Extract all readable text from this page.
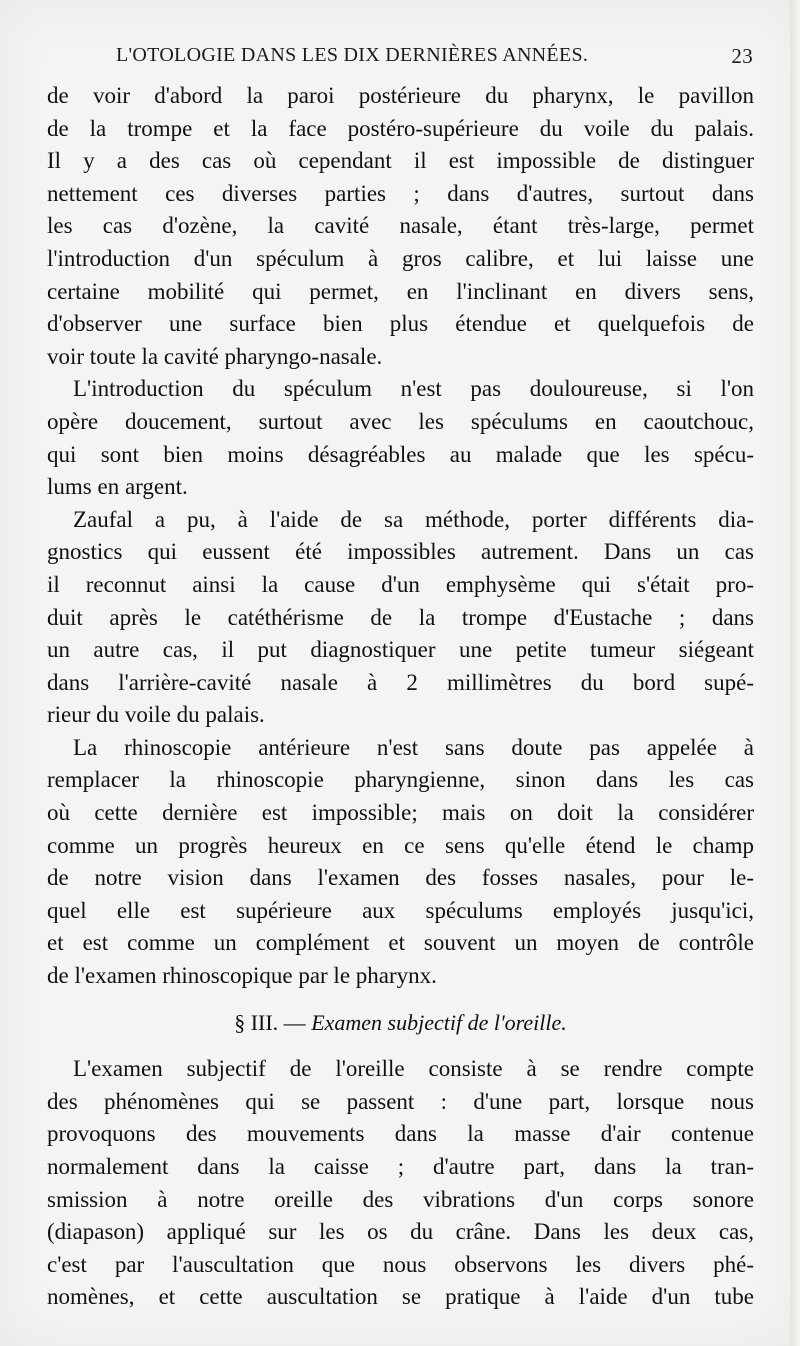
L'OTOLOGIE DANS LES DIX DERNIÈRES ANNÉES.	23
de voir d'abord la paroi postérieure du pharynx, le pavillon
de la trompe et la face postéro-supérieure du voile du palais.
Il y a des cas où cependant il est impossible de distinguer
nettement ces diverses parties ; dans d'autres, surtout dans
les cas d'ozène, la cavité nasale, étant très-large, permet
l'introduction d'un spéculum à gros calibre, et lui laisse une
certaine mobilité qui permet, en l'inclinant en divers sens,
d'observer une surface bien plus étendue et quelquefois de
voir toute la cavité pharyngo-nasale.
L'introduction du spéculum n'est pas douloureuse, si l'on
opère doucement, surtout avec les spéculums en caoutchouc,
qui sont bien moins désagréables au malade que les spécu-
lums en argent.
Zaufal a pu, à l'aide de sa méthode, porter différents dia-
gnostics qui eussent été impossibles autrement. Dans un cas
il reconnut ainsi la cause d'un emphysème qui s'était pro-
duit après le catéthérisme de la trompe d'Eustache ; dans
un autre cas, il put diagnostiquer une petite tumeur siégeant
dans l'arrière-cavité nasale à 2 millimètres du bord supé-
rieur du voile du palais.
La rhinoscopie antérieure n'est sans doute pas appelée à
remplacer la rhinoscopie pharyngienne, sinon dans les cas
où cette dernière est impossible; mais on doit la considérer
comme un progrès heureux en ce sens qu'elle étend le champ
de notre vision dans l'examen des fosses nasales, pour le-
quel elle est supérieure aux spéculums employés jusqu'ici,
et est comme un complément et souvent un moyen de contrôle
de l'examen rhinoscopique par le pharynx.
§ III. — Examen subjectif de l'oreille.
L'examen subjectif de l'oreille consiste à se rendre compte
des phénomènes qui se passent : d'une part, lorsque nous
provoquons des mouvements dans la masse d'air contenue
normalement dans la caisse ; d'autre part, dans la tran-
smission à notre oreille des vibrations d'un corps sonore
(diapason) appliqué sur les os du crâne. Dans les deux cas,
c'est par l'auscultation que nous observons les divers phé-
nomènes, et cette auscultation se pratique à l'aide d'un tube
